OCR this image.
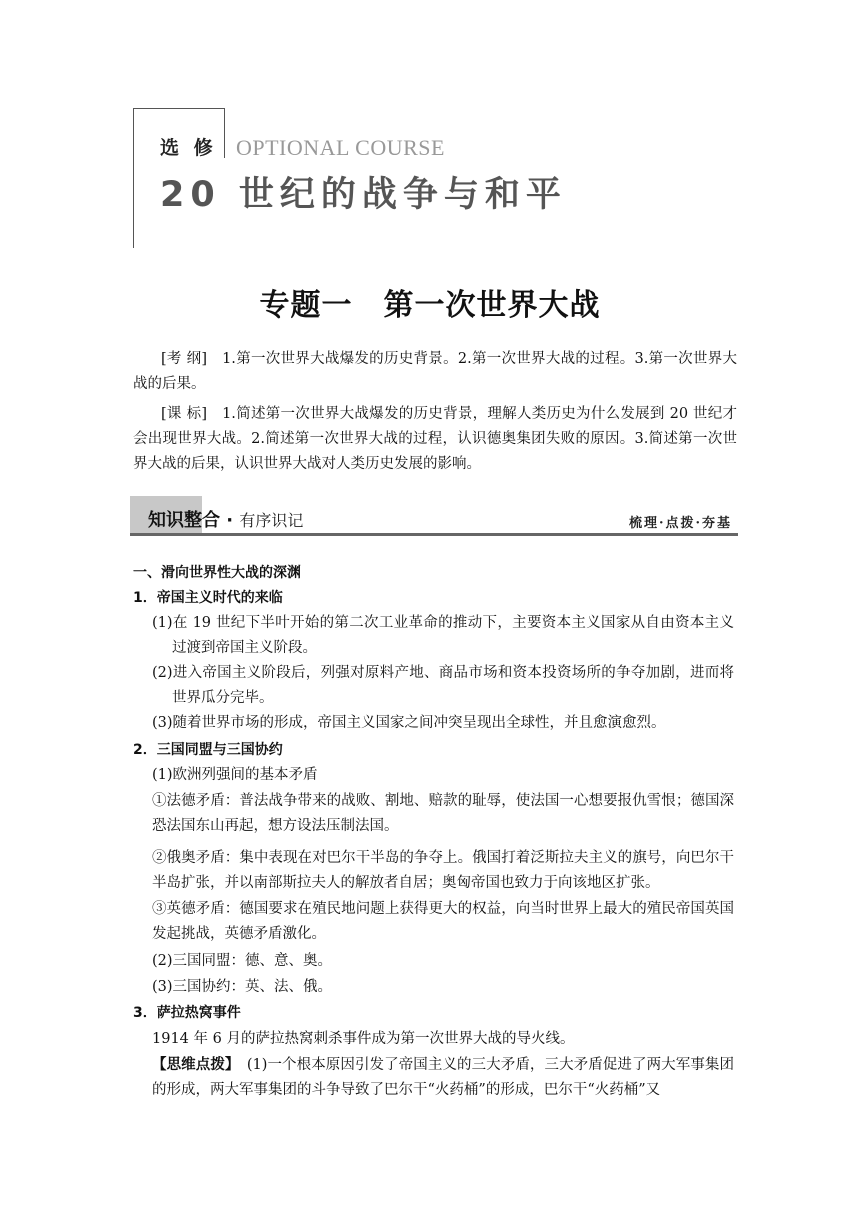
选 修 OPTIONAL COURSE
20 世纪的战争与和平
专题一　第一次世界大战
[考 纲]　1.第一次世界大战爆发的历史背景。2.第一次世界大战的过程。3.第一次世界大战的后果。
[课 标]　1.简述第一次世界大战爆发的历史背景，理解人类历史为什么发展到 20 世纪才会出现世界大战。2.简述第一次世界大战的过程，认识德奥集团失败的原因。3.简述第一次世界大战的后果，认识世界大战对人类历史发展的影响。
知识整合 · 有序识记	梳理·点拨·夯基
一、滑向世界性大战的深渊
1．帝国主义时代的来临
(1)在 19 世纪下半叶开始的第二次工业革命的推动下，主要资本主义国家从自由资本主义过渡到帝国主义阶段。
(2)进入帝国主义阶段后，列强对原料产地、商品市场和资本投资场所的争夺加剧，进而将世界瓜分完毕。
(3)随着世界市场的形成，帝国主义国家之间冲突呈现出全球性，并且愈演愈烈。
2．三国同盟与三国协约
(1)欧洲列强间的基本矛盾
①法德矛盾：普法战争带来的战败、割地、赔款的耻辱，使法国一心想要报仇雪恨；德国深恐法国东山再起，想方设法压制法国。
②俄奥矛盾：集中表现在对巴尔干半岛的争夺上。俄国打着泛斯拉夫主义的旗号，向巴尔干半岛扩张，并以南部斯拉夫人的解放者自居；奥匈帝国也致力于向该地区扩张。
③英德矛盾：德国要求在殖民地问题上获得更大的权益，向当时世界上最大的殖民帝国英国发起挑战，英德矛盾激化。
(2)三国同盟：德、意、奥。
(3)三国协约：英、法、俄。
3．萨拉热窝事件
1914 年 6 月的萨拉热窝刺杀事件成为第一次世界大战的导火线。
【思维点拨】　(1)一个根本原因引发了帝国主义的三大矛盾，三大矛盾促进了两大军事集团的形成，两大军事集团的斗争导致了巴尔干“火药桶”的形成，巴尔干“火药桶”又
